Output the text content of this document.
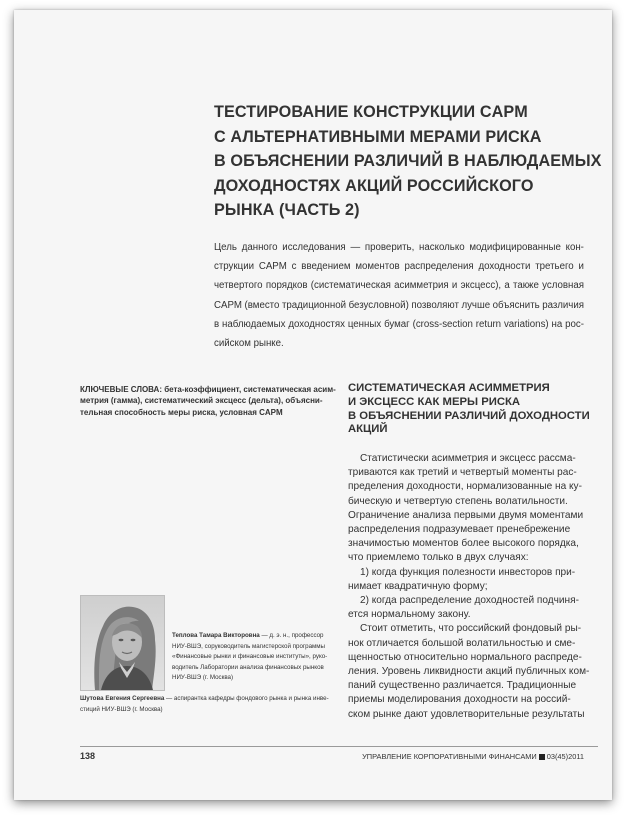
ТЕСТИРОВАНИЕ КОНСТРУКЦИИ CAPM
С АЛЬТЕРНАТИВНЫМИ МЕРАМИ РИСКА
В ОБЪЯСНЕНИИ РАЗЛИЧИЙ В НАБЛЮДАЕМЫХ
ДОХОДНОСТЯХ АКЦИЙ РОССИЙСКОГО
РЫНКА (ЧАСТЬ 2)
Цель данного исследования — проверить, насколько модифицированные кон-
струкции CAPM с введением моментов распределения доходности третьего и
четвертого порядков (систематическая асимметрия и эксцесс), а также условная
CAPM (вместо традиционной безусловной) позволяют лучше объяснить различия
в наблюдаемых доходностях ценных бумаг (cross-section return variations) на рос-
сийском рынке.
КЛЮЧЕВЫЕ СЛОВА: бета-коэффициент, систематическая асим-
метрия (гамма), систематический эксцесс (дельта), объясни-
тельная способность меры риска, условная CAPM
СИСТЕМАТИЧЕСКАЯ АСИММЕТРИЯ
И ЭКСЦЕСС КАК МЕРЫ РИСКА
В ОБЪЯСНЕНИИ РАЗЛИЧИЙ ДОХОДНОСТИ
АКЦИЙ
Статистически асимметрия и эксцесс рассма-
триваются как третий и четвертый моменты рас-
пределения доходности, нормализованные на ку-
бическую и четвертую степень волатильности.
Ограничение анализа первыми двумя моментами
распределения подразумевает пренебрежение
значимостью моментов более высокого порядка,
что приемлемо только в двух случаях:
1) когда функция полезности инвесторов при-
нимает квадратичную форму;
2) когда распределение доходностей подчиня-
ется нормальному закону.
Стоит отметить, что российский фондовый ры-
нок отличается большой волатильностью и сме-
щенностью относительно нормального распреде-
ления. Уровень ликвидности акций публичных ком-
паний существенно различается. Традиционные
приемы моделирования доходности на россий-
ском рынке дают удовлетворительные результаты
Теплова Тамара Викторовна — д. э. н., профессор
НИУ-ВШЭ, соруководитель магистерской программы
«Финансовые рынки и финансовые институты», руко-
водитель Лаборатории анализа финансовых рынков
НИУ-ВШЭ (г. Москва)
Шутова Евгения Сергеевна — аспирантка кафедры фондового рынка и рынка инве-
стиций НИУ-ВШЭ (г. Москва)
138	УПРАВЛЕНИЕ КОРПОРАТИВНЫМИ ФИНАНСАМИ 03(45)2011
